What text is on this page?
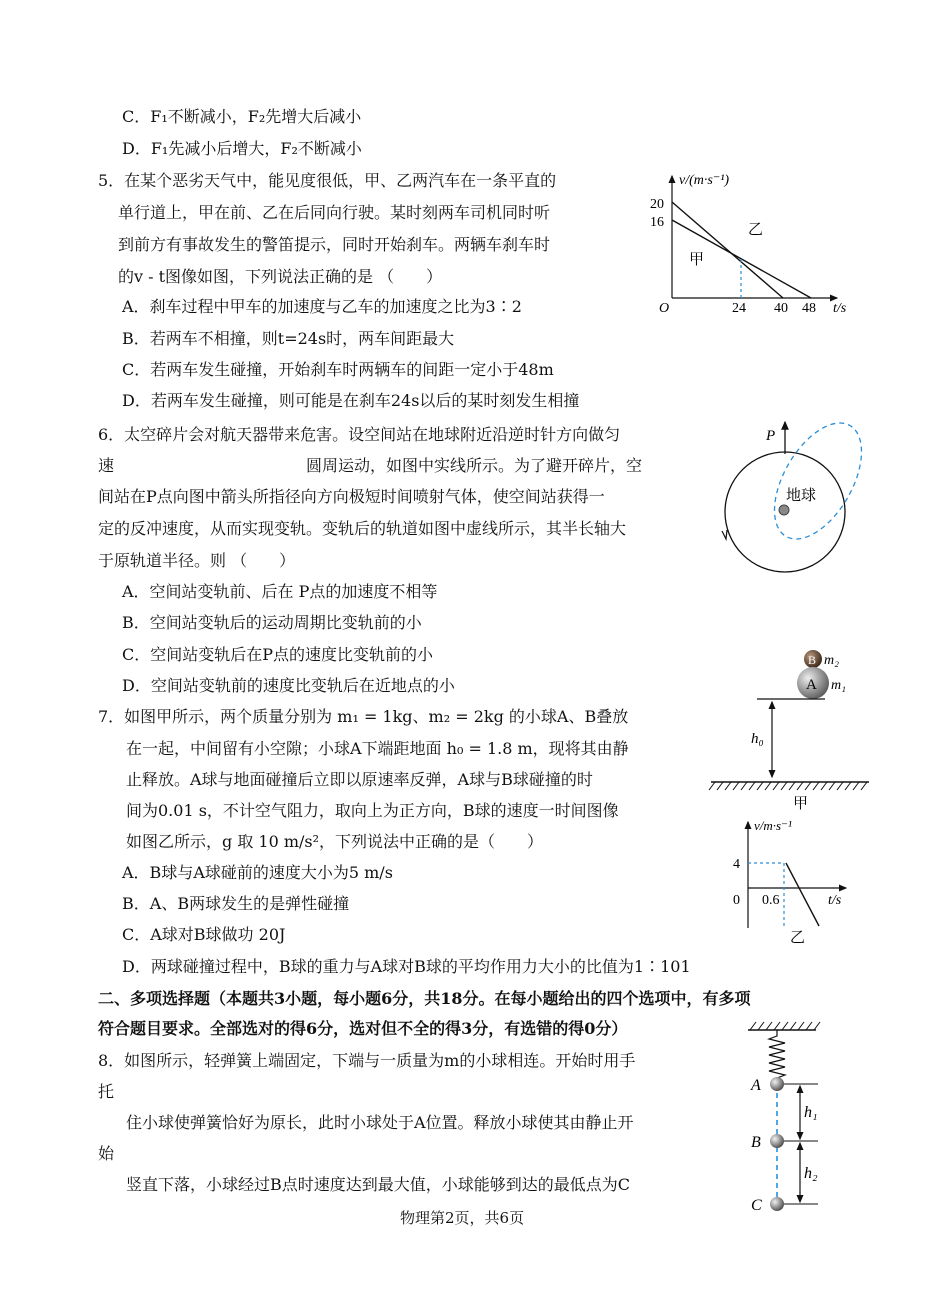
C．F₁不断减小，F₂先增大后减小
D．F₁先减小后增大，F₂不断减小
5．在某个恶劣天气中，能见度很低，甲、乙两汽车在一条平直的
单行道上，甲在前、乙在后同向行驶。某时刻两车司机同时听
到前方有事故发生的警笛提示，同时开始刹车。两辆车刹车时
的v - t图像如图，下列说法正确的是 （　　）
A．刹车过程中甲车的加速度与乙车的加速度之比为3∶2
B．若两车不相撞，则t=24s时，两车间距最大
C．若两车发生碰撞，开始刹车时两辆车的间距一定小于48m
D．若两车发生碰撞，则可能是在刹车24s以后的某时刻发生相撞
6．太空碎片会对航天器带来危害。设空间站在地球附近沿逆时针方向做匀
速	圆周运动，如图中实线所示。为了避开碎片，空
间站在P点向图中箭头所指径向方向极短时间喷射气体，使空间站获得一
定的反冲速度，从而实现变轨。变轨后的轨道如图中虚线所示，其半长轴大
于原轨道半径。则 （　　）
A．空间站变轨前、后在 P点的加速度不相等
B．空间站变轨后的运动周期比变轨前的小
C．空间站变轨后在P点的速度比变轨前的小
D．空间站变轨前的速度比变轨后在近地点的小
7．如图甲所示，两个质量分别为 m₁ = 1kg、m₂ = 2kg 的小球A、B叠放
在一起，中间留有小空隙；小球A下端距地面 h₀ = 1.8 m，现将其由静
止释放。A球与地面碰撞后立即以原速率反弹，A球与B球碰撞的时
间为0.01 s，不计空气阻力，取向上为正方向，B球的速度一时间图像
如图乙所示，g 取 10 m/s²，下列说法中正确的是（　　）
A．B球与A球碰前的速度大小为5 m/s
B．A、B两球发生的是弹性碰撞
C．A球对B球做功 20J
D．两球碰撞过程中，B球的重力与A球对B球的平均作用力大小的比值为1∶101
二、多项选择题（本题共3小题，每小题6分，共18分。在每小题给出的四个选项中，有多项
符合题目要求。全部选对的得6分，选对但不全的得3分，有选错的得0分）
8．如图所示，轻弹簧上端固定，下端与一质量为m的小球相连。开始时用手
托
住小球使弹簧恰好为原长，此时小球处于A位置。释放小球使其由静止开
始
竖直下落，小球经过B点时速度达到最大值，小球能够到达的最低点为C
物理第2页，共6页
v/(m·s⁻¹)
20
16
O	24 40 48 t/s
乙
甲
P
地球
B m₂
A m₁
h₀
甲
v/m·s⁻¹
4
0 0.6	t/s
乙
A
B
C
h₁
h₂
